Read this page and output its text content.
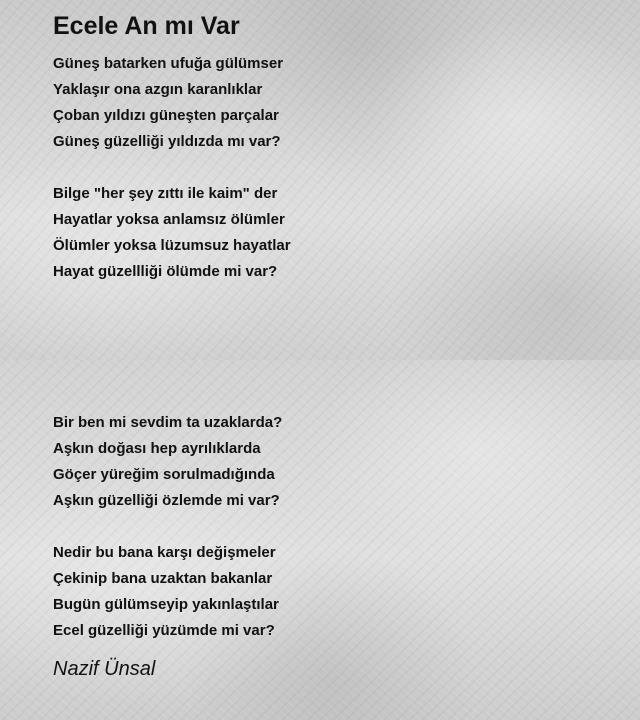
Ecele An mı Var
Güneş batarken ufuğa gülümser
Yaklaşır ona azgın karanlıklar
Çoban yıldızı güneşten parçalar
Güneş güzelliği yıldızda mı var?
Bilge "her şey zıttı ile kaim" der
Hayatlar yoksa anlamsız ölümler
Ölümler yoksa lüzumsuz hayatlar
Hayat güzellliği ölümde mi var?
Bir ben mi sevdim ta uzaklarda?
Aşkın doğası hep ayrılıklarda
Göçer yüreğim sorulmadığında
Aşkın güzelliği özlemde mi var?
Nedir bu bana karşı değişmeler
Çekinip bana uzaktan bakanlar
Bugün gülümseyip yakınlaştılar
Ecel güzelliği yüzümde mi var?

Nazif Ünsal
